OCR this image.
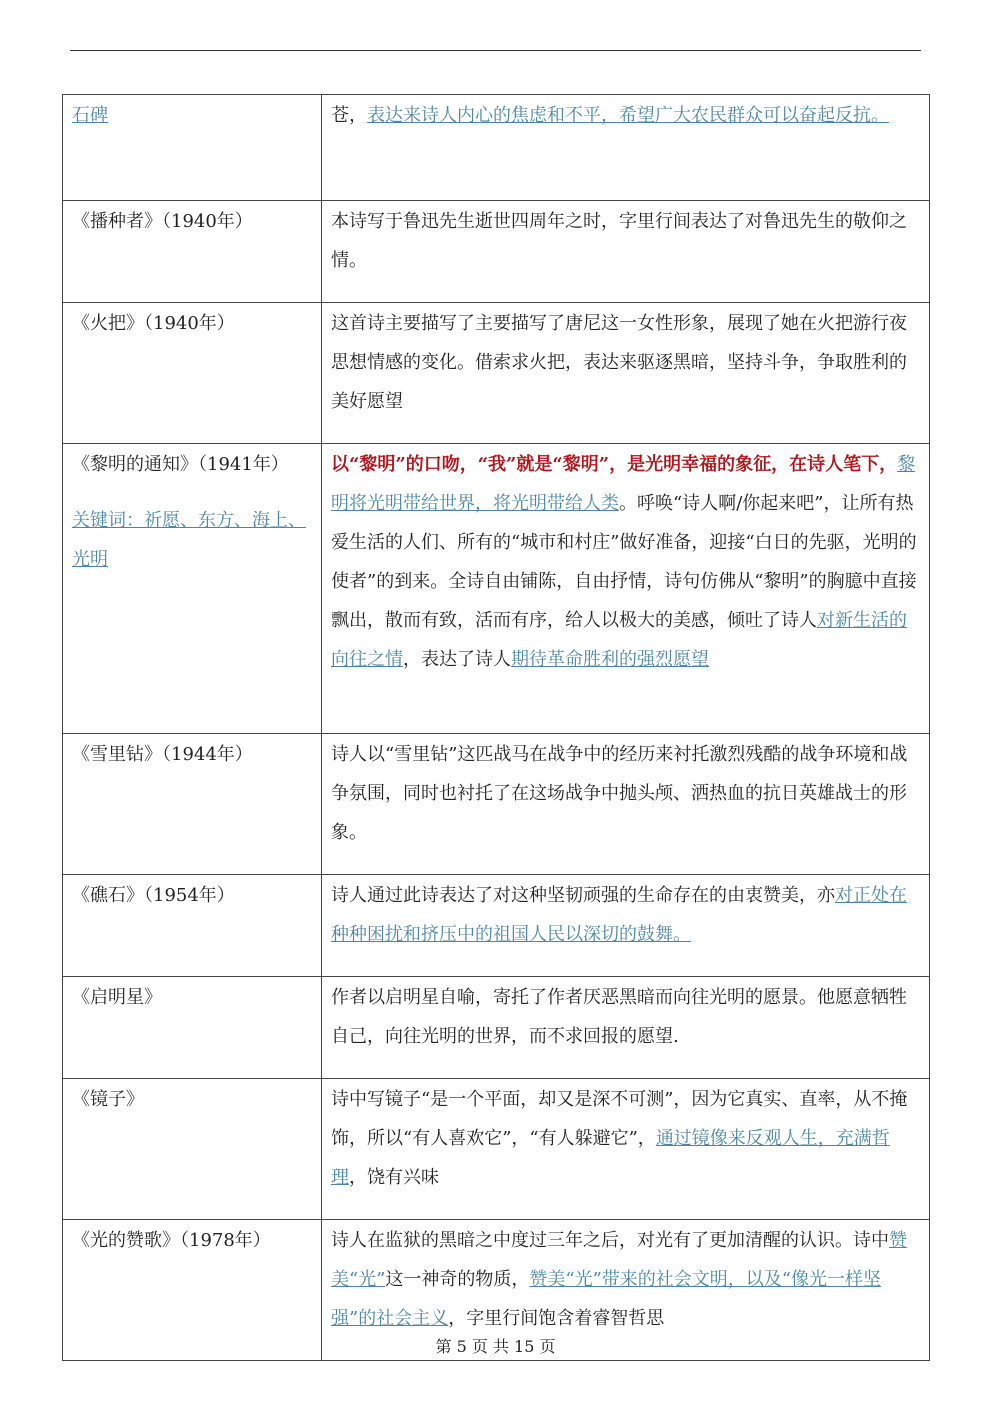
石碑	苍，表达来诗人内心的焦虑和不平，希望广大农民群众可以奋起反抗。

《播种者》（1940年）	本诗写于鲁迅先生逝世四周年之时，字里行间表达了对鲁迅先生的敬仰之情。

《火把》（1940年）	这首诗主要描写了主要描写了唐尼这一女性形象，展现了她在火把游行夜思想情感的变化。借索求火把，表达来驱逐黑暗，坚持斗争，争取胜利的美好愿望

《黎明的通知》（1941年）
关键词：祈愿、东方、海上、光明	以“黎明”的口吻，“我”就是“黎明”，是光明幸福的象征，在诗人笔下，黎明将光明带给世界，将光明带给人类。呼唤“诗人啊/你起来吧”，让所有热爱生活的人们、所有的“城市和村庄”做好准备，迎接“白日的先驱，光明的使者”的到来。全诗自由铺陈，自由抒情，诗句仿佛从“黎明”的胸臆中直接飘出，散而有致，活而有序，给人以极大的美感，倾吐了诗人对新生活的向往之情，表达了诗人期待革命胜利的强烈愿望

《雪里钻》（1944年）	诗人以“雪里钻”这匹战马在战争中的经历来衬托激烈残酷的战争环境和战争氛围，同时也衬托了在这场战争中抛头颅、洒热血的抗日英雄战士的形象。

《礁石》（1954年）	诗人通过此诗表达了对这种坚韧顽强的生命存在的由衷赞美，亦对正处在种种困扰和挤压中的祖国人民以深切的鼓舞。

《启明星》	作者以启明星自喻，寄托了作者厌恶黑暗而向往光明的愿景。他愿意牺牲自己，向往光明的世界，而不求回报的愿望.

《镜子》	诗中写镜子“是一个平面，却又是深不可测”，因为它真实、直率，从不掩饰，所以“有人喜欢它”，“有人躲避它”，通过镜像来反观人生，充满哲理，饶有兴味

《光的赞歌》（1978年）	诗人在监狱的黑暗之中度过三年之后，对光有了更加清醒的认识。诗中赞美“光”这一神奇的物质，赞美“光”带来的社会文明，以及“像光一样坚强”的社会主义，字里行间饱含着睿智哲思
第 5 页 共 15 页
